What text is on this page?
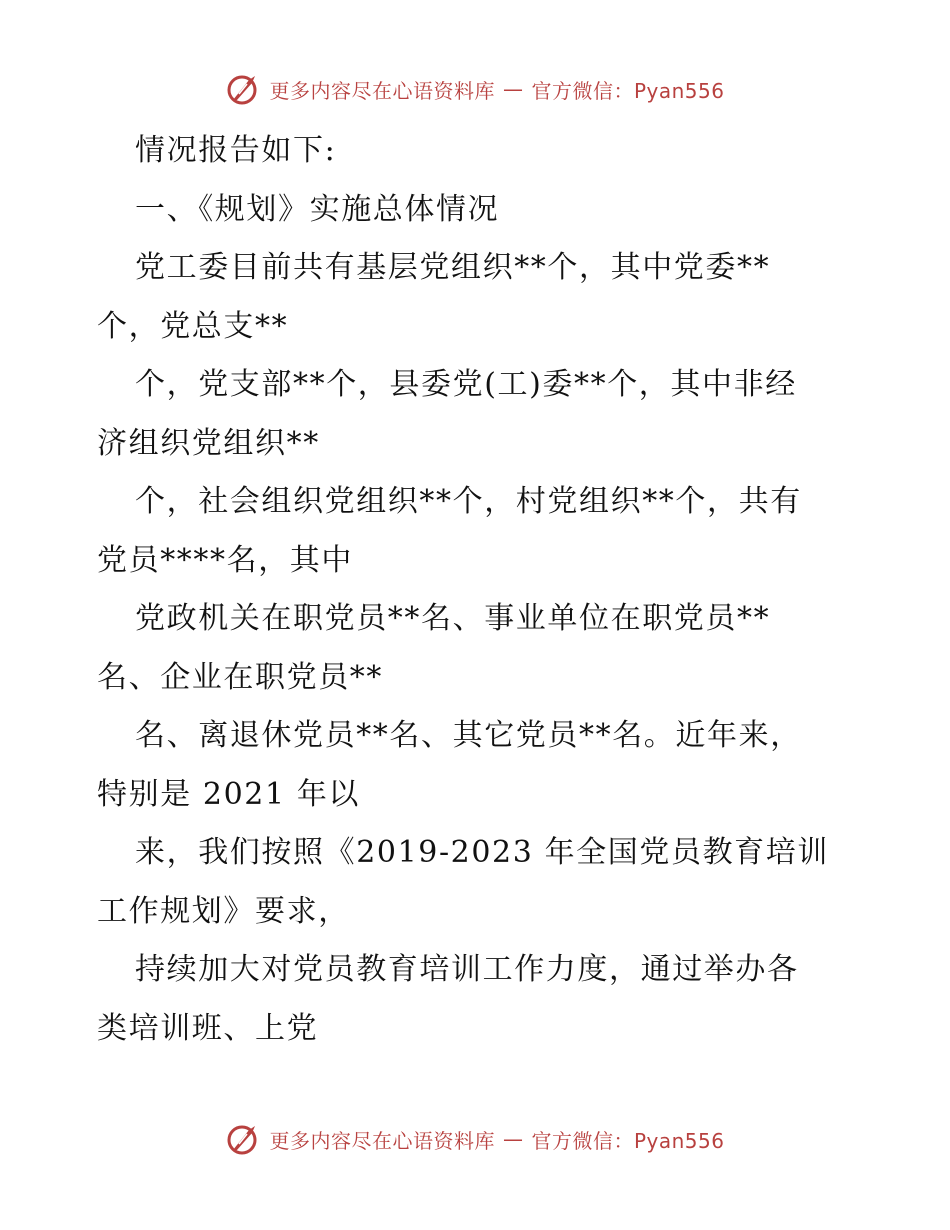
更多内容尽在心语资料库 — 官方微信：Pyan556
情况报告如下:
一、《规划》实施总体情况
党工委目前共有基层党组织**个，其中党委**
个，党总支**
个，党支部**个，县委党(工)委**个，其中非经
济组织党组织**
个，社会组织党组织**个，村党组织**个，共有
党员****名，其中
党政机关在职党员**名、事业单位在职党员**
名、企业在职党员**
名、离退休党员**名、其它党员**名。近年来，
特别是 2021 年以
来，我们按照《2019-2023 年全国党员教育培训
工作规划》要求，
持续加大对党员教育培训工作力度，通过举办各
类培训班、上党
更多内容尽在心语资料库 — 官方微信：Pyan556
